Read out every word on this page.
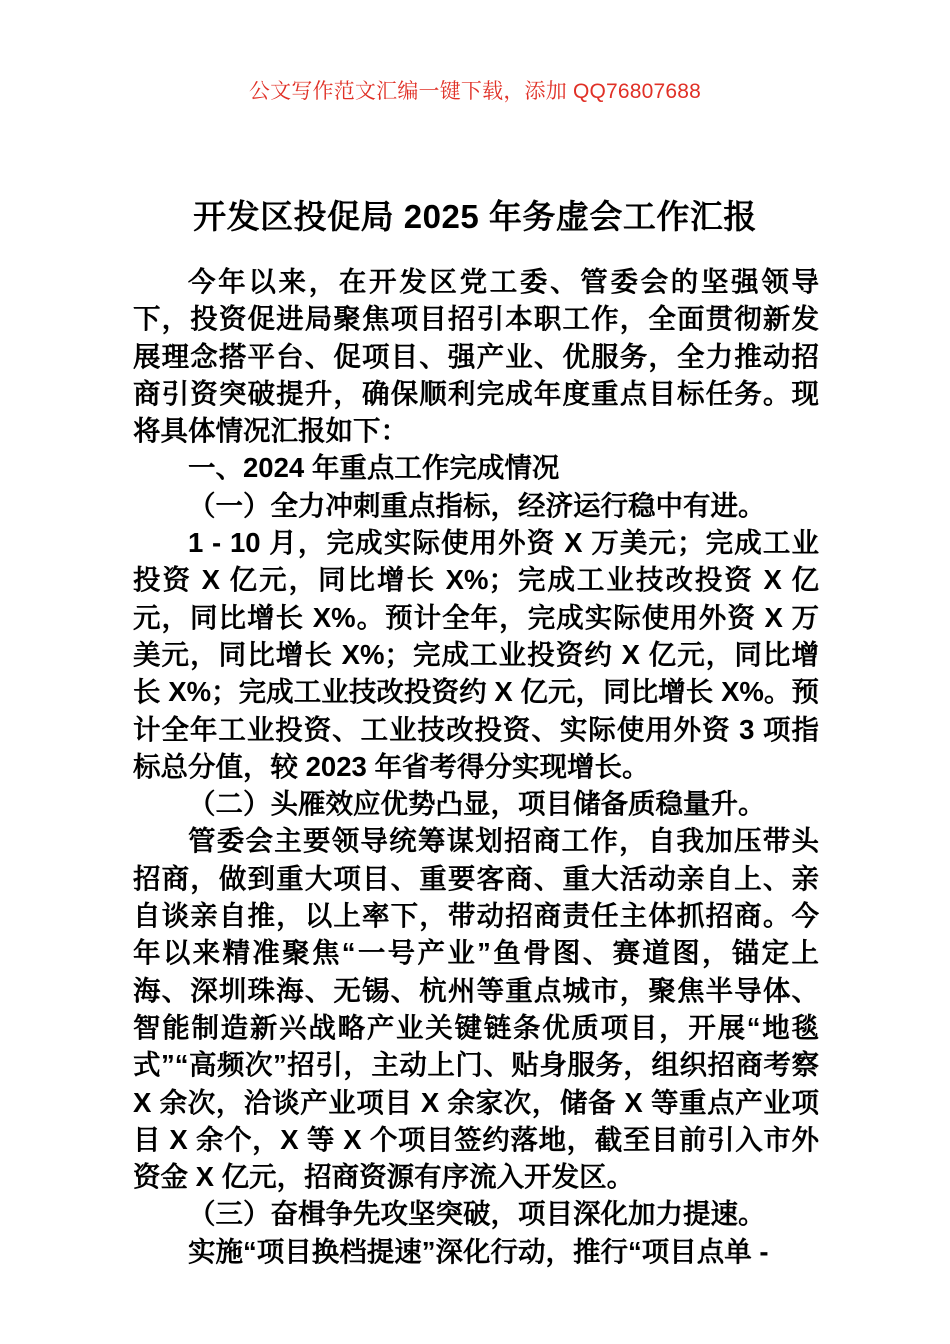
公文写作范文汇编一键下载，添加 QQ76807688
开发区投促局 2025 年务虚会工作汇报

今年以来，在开发区党工委、管委会的坚强领导下，投资促进局聚焦项目招引本职工作，全面贯彻新发展理念搭平台、促项目、强产业、优服务，全力推动招商引资突破提升，确保顺利完成年度重点目标任务。现将具体情况汇报如下：

一、2024 年重点工作完成情况

（一）全力冲刺重点指标，经济运行稳中有进。

1 - 10 月，完成实际使用外资 X 万美元；完成工业投资 X 亿元，同比增长 X%；完成工业技改投资 X 亿元，同比增长 X%。预计全年，完成实际使用外资 X 万美元，同比增长 X%；完成工业投资约 X 亿元，同比增长 X%；完成工业技改投资约 X 亿元，同比增长 X%。预计全年工业投资、工业技改投资、实际使用外资 3 项指标总分值，较 2023 年省考得分实现增长。

（二）头雁效应优势凸显，项目储备质稳量升。

管委会主要领导统筹谋划招商工作，自我加压带头招商，做到重大项目、重要客商、重大活动亲自上、亲自谈亲自推，以上率下，带动招商责任主体抓招商。今年以来精准聚焦“一号产业”鱼骨图、赛道图，锚定上海、深圳珠海、无锡、杭州等重点城市，聚焦半导体、智能制造新兴战略产业关键链条优质项目，开展“地毯式”“高频次”招引，主动上门、贴身服务，组织招商考察 X 余次，洽谈产业项目 X 余家次，储备 X 等重点产业项目 X 余个，X 等 X 个项目签约落地，截至目前引入市外资金 X 亿元，招商资源有序流入开发区。

（三）奋楫争先攻坚突破，项目深化加力提速。

实施“项目换档提速”深化行动，推行“项目点单 -
